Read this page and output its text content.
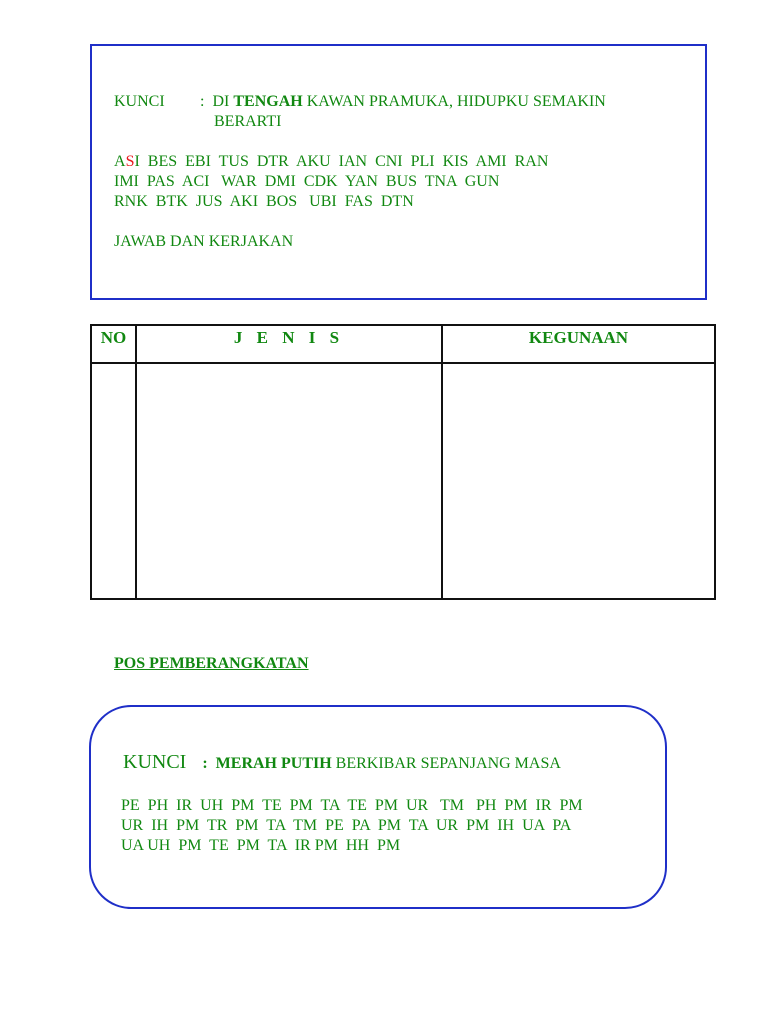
KUNCI : DI TENGAH KAWAN PRAMUKA, HIDUPKU SEMAKIN
BERARTI
ASI  BES  EBI  TUS  DTR  AKU  IAN  CNI  PLI  KIS  AMI  RAN
IMI  PAS  ACI   WAR  DMI  CDK  YAN  BUS  TNA  GUN
RNK  BTK  JUS  AKI  BOS   UBI  FAS  DTN
JAWAB DAN KERJAKAN
NO	J E N I S	KEGUNAAN

POS PEMBERANGKATAN
KUNCI : MERAH PUTIH BERKIBAR SEPANJANG MASA
PE  PH  IR  UH  PM  TE  PM  TA  TE  PM  UR   TM   PH  PM  IR  PM
UR  IH  PM  TR  PM  TA  TM  PE  PA  PM  TA  UR  PM  IH  UA  PA
UA UH  PM  TE  PM  TA  IR PM  HH  PM
